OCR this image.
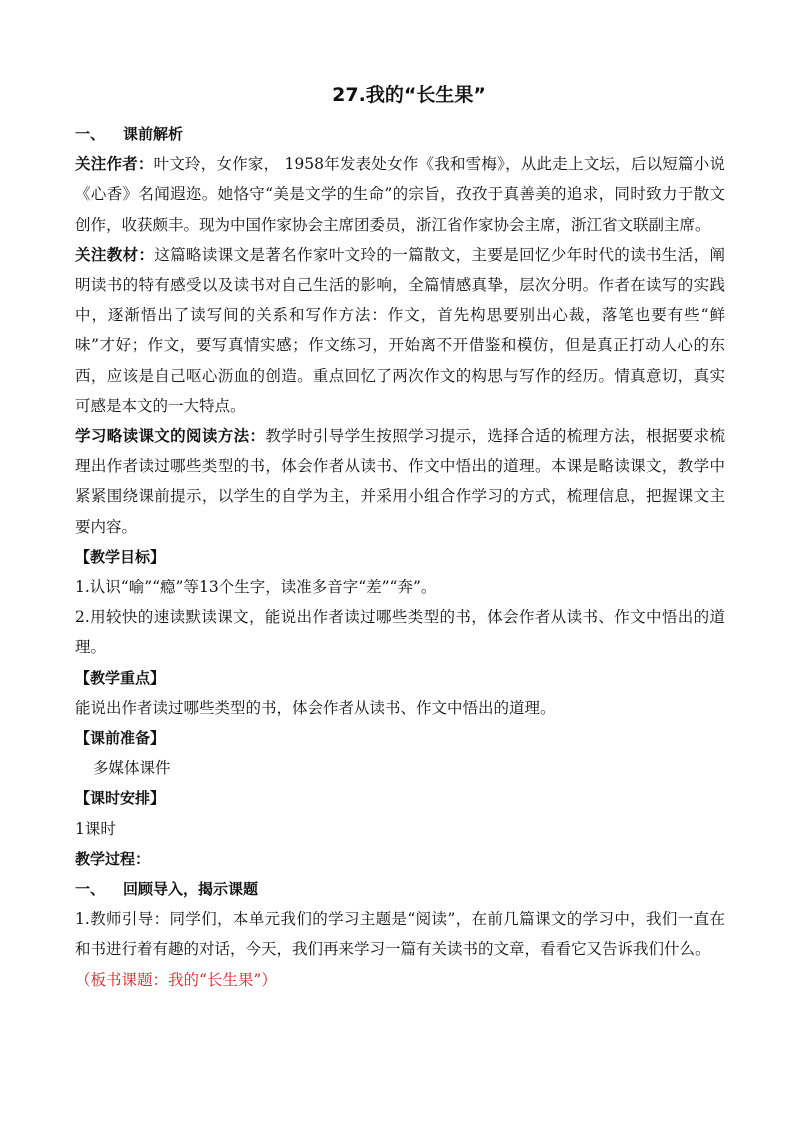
27.我的“长生果”

一、 课前解析

关注作者：叶文玲，女作家， 1958年发表处女作《我和雪梅》，从此走上文坛，后以短篇小说《心香》名闻遐迩。她恪守“美是文学的生命”的宗旨，孜孜于真善美的追求，同时致力于散文创作，收获颇丰。现为中国作家协会主席团委员，浙江省作家协会主席，浙江省文联副主席。

关注教材：这篇略读课文是著名作家叶文玲的一篇散文，主要是回忆少年时代的读书生活，阐明读书的特有感受以及读书对自己生活的影响，全篇情感真挚，层次分明。作者在读写的实践中，逐渐悟出了读写间的关系和写作方法：作文，首先构思要别出心裁，落笔也要有些“鲜味”才好；作文，要写真情实感；作文练习，开始离不开借鉴和模仿，但是真正打动人心的东西，应该是自己呕心沥血的创造。重点回忆了两次作文的构思与写作的经历。情真意切，真实可感是本文的一大特点。

学习略读课文的阅读方法：教学时引导学生按照学习提示，选择合适的梳理方法，根据要求梳理出作者读过哪些类型的书，体会作者从读书、作文中悟出的道理。本课是略读课文，教学中紧紧围绕课前提示，以学生的自学为主，并采用小组合作学习的方式，梳理信息，把握课文主要内容。

【教学目标】

1.认识“喻”“瘾”等13个生字，读准多音字“差”“奔”。

2.用较快的速读默读课文，能说出作者读过哪些类型的书，体会作者从读书、作文中悟出的道理。

【教学重点】

能说出作者读过哪些类型的书，体会作者从读书、作文中悟出的道理。

【课前准备】

多媒体课件

【课时安排】

1课时

教学过程：

一、 回顾导入，揭示课题

1.教师引导：同学们，本单元我们的学习主题是“阅读”，在前几篇课文的学习中，我们一直在和书进行着有趣的对话，今天，我们再来学习一篇有关读书的文章，看看它又告诉我们什么。

（板书课题：我的“长生果”）
